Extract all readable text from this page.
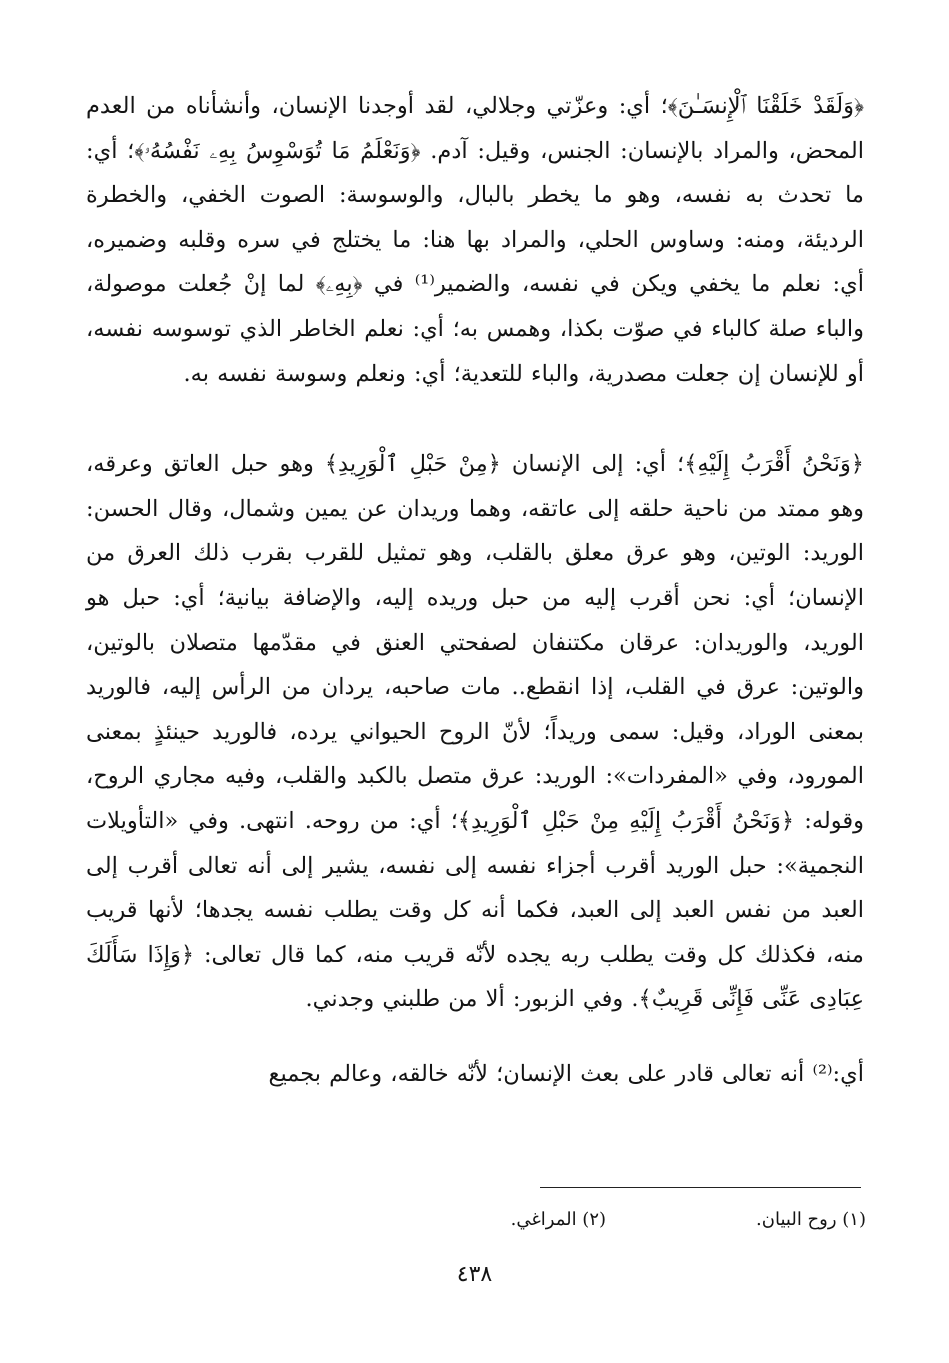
﴿وَلَقَدْ خَلَقْنَا ٱلْإِنسَـٰنَ﴾؛ أي: وعزّتي وجلالي، لقد أوجدنا الإنسان، وأنشأناه من العدم المحض، والمراد بالإنسان: الجنس، وقيل: آدم. ﴿وَنَعْلَمُ مَا تُوَسْوِسُ بِهِۦ نَفْسُهُۥ﴾؛ أي: ما تحدث به نفسه، وهو ما يخطر بالبال، والوسوسة: الصوت الخفي، والخطرة الرديئة، ومنه: وساوس الحلي، والمراد بها هنا: ما يختلج في سره وقلبه وضميره، أي: نعلم ما يخفي ويكن في نفسه، والضمير⁽¹⁾ في ﴿بِهِۦ﴾ لما إنْ جُعلت موصولة، والباء صلة كالباء في صوّت بكذا، وهمس به؛ أي: نعلم الخاطر الذي توسوسه نفسه، أو للإنسان إن جعلت مصدرية، والباء للتعدية؛ أي: ونعلم وسوسة نفسه به.

﴿وَنَحْنُ أَقْرَبُ إِلَيْهِ﴾؛ أي: إلى الإنسان ﴿مِنْ حَبْلِ ٱلْوَرِيدِ﴾ وهو حبل العاتق وعرقه، وهو ممتد من ناحية حلقه إلى عاتقه، وهما وريدان عن يمين وشمال، وقال الحسن: الوريد: الوتين، وهو عرق معلق بالقلب، وهو تمثيل للقرب بقرب ذلك العرق من الإنسان؛ أي: نحن أقرب إليه من حبل وريده إليه، والإضافة بيانية؛ أي: حبل هو الوريد، والوريدان: عرقان مكتنفان لصفحتي العنق في مقدّمها متصلان بالوتين، والوتين: عرق في القلب، إذا انقطع.. مات صاحبه، يردان من الرأس إليه، فالوريد بمعنى الوراد، وقيل: سمى وريداً؛ لأنّ الروح الحيواني يرده، فالوريد حينئذٍ بمعنى المورود، وفي «المفردات»: الوريد: عرق متصل بالكبد والقلب، وفيه مجاري الروح، وقوله: ﴿وَنَحْنُ أَقْرَبُ إِلَيْهِ مِنْ حَبْلِ ٱلْوَرِيدِ﴾؛ أي: من روحه. انتهى. وفي «التأويلات النجمية»: حبل الوريد أقرب أجزاء نفسه إلى نفسه، يشير إلى أنه تعالى أقرب إلى العبد من نفس العبد إلى العبد، فكما أنه كل وقت يطلب نفسه يجدها؛ لأنها قريب منه، فكذلك كل وقت يطلب ربه يجده لأنّه قريب منه، كما قال تعالى: ﴿وَإِذَا سَأَلَكَ عِبَادِى عَنِّى فَإِنِّى قَرِيبٌ﴾. وفي الزبور: ألا من طلبني وجدني.

أي:⁽²⁾ أنه تعالى قادر على بعث الإنسان؛ لأنّه خالقه، وعالم بجميع

(١) روح البيان.
(٢) المراغي.
٤٣٨
